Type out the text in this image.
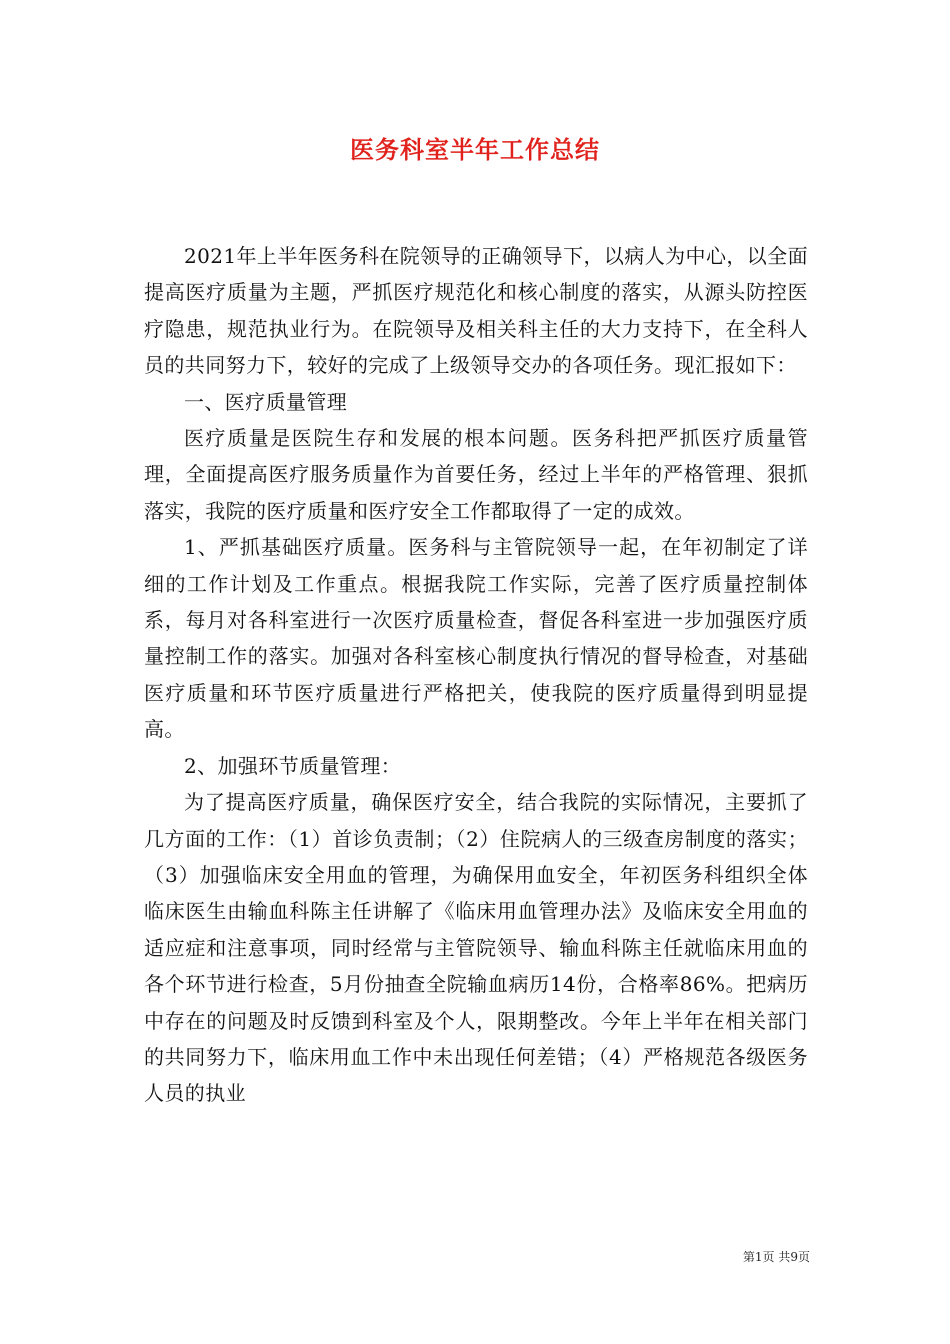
医务科室半年工作总结

2021年上半年医务科在院领导的正确领导下，以病人为中心，以全面提高医疗质量为主题，严抓医疗规范化和核心制度的落实，从源头防控医疗隐患，规范执业行为。在院领导及相关科主任的大力支持下，在全科人员的共同努力下，较好的完成了上级领导交办的各项任务。现汇报如下：

一、医疗质量管理

医疗质量是医院生存和发展的根本问题。医务科把严抓医疗质量管理，全面提高医疗服务质量作为首要任务，经过上半年的严格管理、狠抓落实，我院的医疗质量和医疗安全工作都取得了一定的成效。

1、严抓基础医疗质量。医务科与主管院领导一起，在年初制定了详细的工作计划及工作重点。根据我院工作实际，完善了医疗质量控制体系，每月对各科室进行一次医疗质量检查，督促各科室进一步加强医疗质量控制工作的落实。加强对各科室核心制度执行情况的督导检查，对基础医疗质量和环节医疗质量进行严格把关，使我院的医疗质量得到明显提高。

2、加强环节质量管理：

为了提高医疗质量，确保医疗安全，结合我院的实际情况，主要抓了几方面的工作：（1）首诊负责制；（2）住院病人的三级查房制度的落实；（3）加强临床安全用血的管理，为确保用血安全，年初医务科组织全体临床医生由输血科陈主任讲解了《临床用血管理办法》及临床安全用血的适应症和注意事项，同时经常与主管院领导、输血科陈主任就临床用血的各个环节进行检查，5月份抽查全院输血病历14份，合格率86%。把病历中存在的问题及时反馈到科室及个人，限期整改。今年上半年在相关部门的共同努力下，临床用血工作中未出现任何差错；（4）严格规范各级医务人员的执业

第1页 共9页
